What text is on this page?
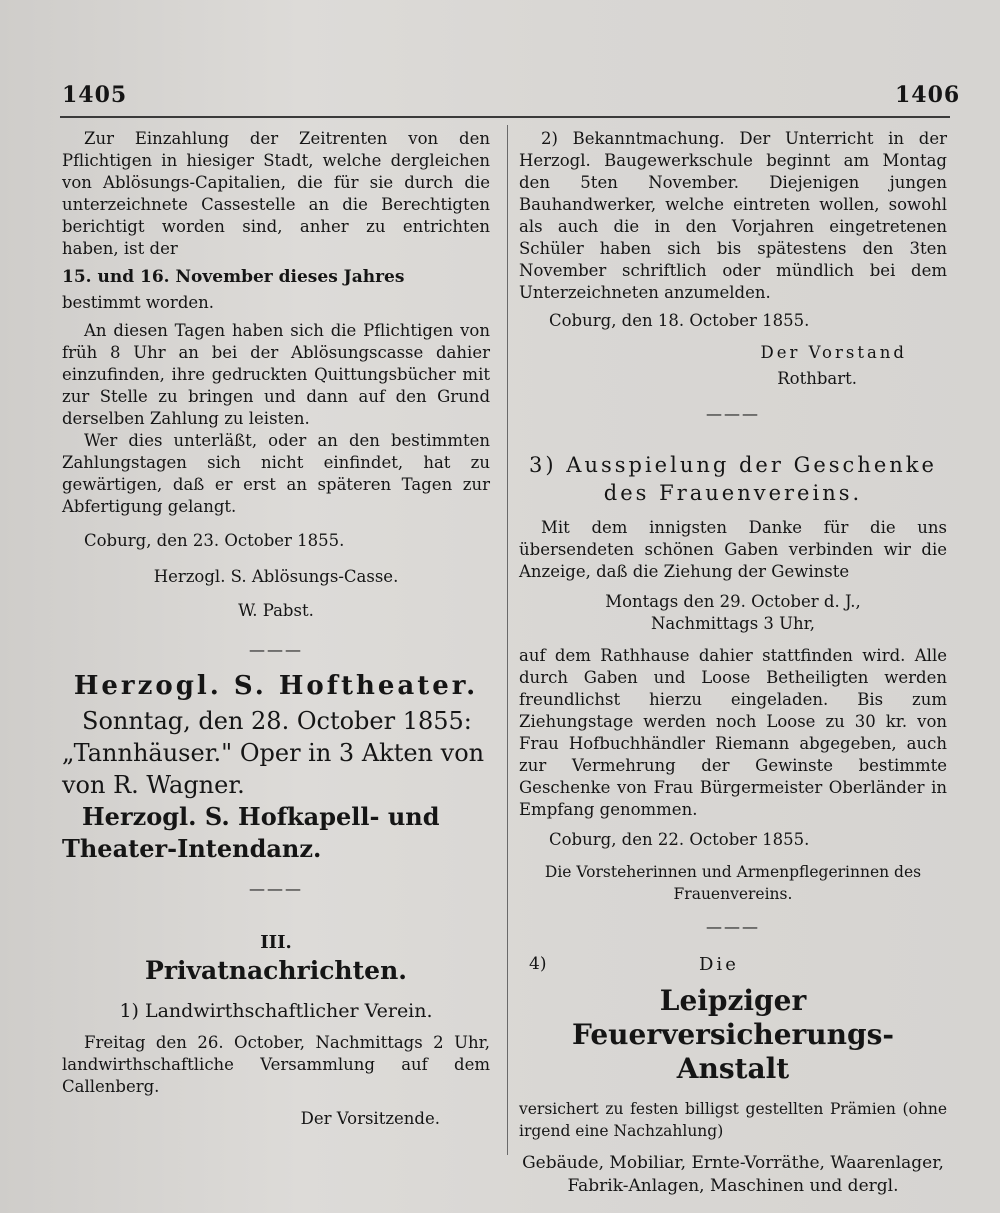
1405	1406

Zur Einzahlung der Zeitrenten von den Pflichtigen in hiesiger Stadt, welche dergleichen von Ablösungs-Capitalien, die für sie durch die unterzeichnete Cassestelle an die Berechtigten berichtigt worden sind, anher zu entrichten haben, ist der

15. und 16. November dieses Jahres

bestimmt worden.

An diesen Tagen haben sich die Pflichtigen von früh 8 Uhr an bei der Ablösungscasse dahier einzufinden, ihre gedruckten Quittungsbücher mit zur Stelle zu bringen und dann auf den Grund derselben Zahlung zu leisten.

Wer dies unterläßt, oder an den bestimmten Zahlungstagen sich nicht einfindet, hat zu gewärtigen, daß er erst an späteren Tagen zur Abfertigung gelangt.

Coburg, den 23. October 1855.

Herzogl. S. Ablösungs-Casse.

W. Pabst.

———

Herzogl. S. Hoftheater.

Sonntag, den 28. October 1855:

„Tannhäuser." Oper in 3 Akten von von R. Wagner.

Herzogl. S. Hofkapell- und Theater-Intendanz.

———

III.

Privatnachrichten.

1) Landwirthschaftlicher Verein.

Freitag den 26. October, Nachmittags 2 Uhr, landwirthschaftliche Versammlung auf dem Callenberg.

Der Vorsitzende.

2) Bekanntmachung. Der Unterricht in der Herzogl. Baugewerkschule beginnt am Montag den 5ten November. Diejenigen jungen Bauhandwerker, welche eintreten wollen, sowohl als auch die in den Vorjahren eingetretenen Schüler haben sich bis spätestens den 3ten November schriftlich oder mündlich bei dem Unterzeichneten anzumelden.

Coburg, den 18. October 1855.

Der Vorstand

Rothbart.

———

3) Ausspielung der Geschenke des Frauenvereins.

Mit dem innigsten Danke für die uns übersendeten schönen Gaben verbinden wir die Anzeige, daß die Ziehung der Gewinste

Montags den 29. October d. J.,

Nachmittags 3 Uhr,

auf dem Rathhause dahier stattfinden wird. Alle durch Gaben und Loose Betheiligten werden freundlichst hierzu eingeladen. Bis zum Ziehungstage werden noch Loose zu 30 kr. von Frau Hofbuchhändler Riemann abgegeben, auch zur Vermehrung der Gewinste bestimmte Geschenke von Frau Bürgermeister Oberländer in Empfang genommen.

Coburg, den 22. October 1855.

Die Vorsteherinnen und Armenpflegerinnen des Frauenvereins.

———
4)	Die

Leipziger Feuerversicherungs-Anstalt

versichert zu festen billigst gestellten Prämien (ohne irgend eine Nachzahlung)

Gebäude, Mobiliar, Ernte-Vorräthe, Waarenlager, Fabrik-Anlagen, Maschinen und dergl.
